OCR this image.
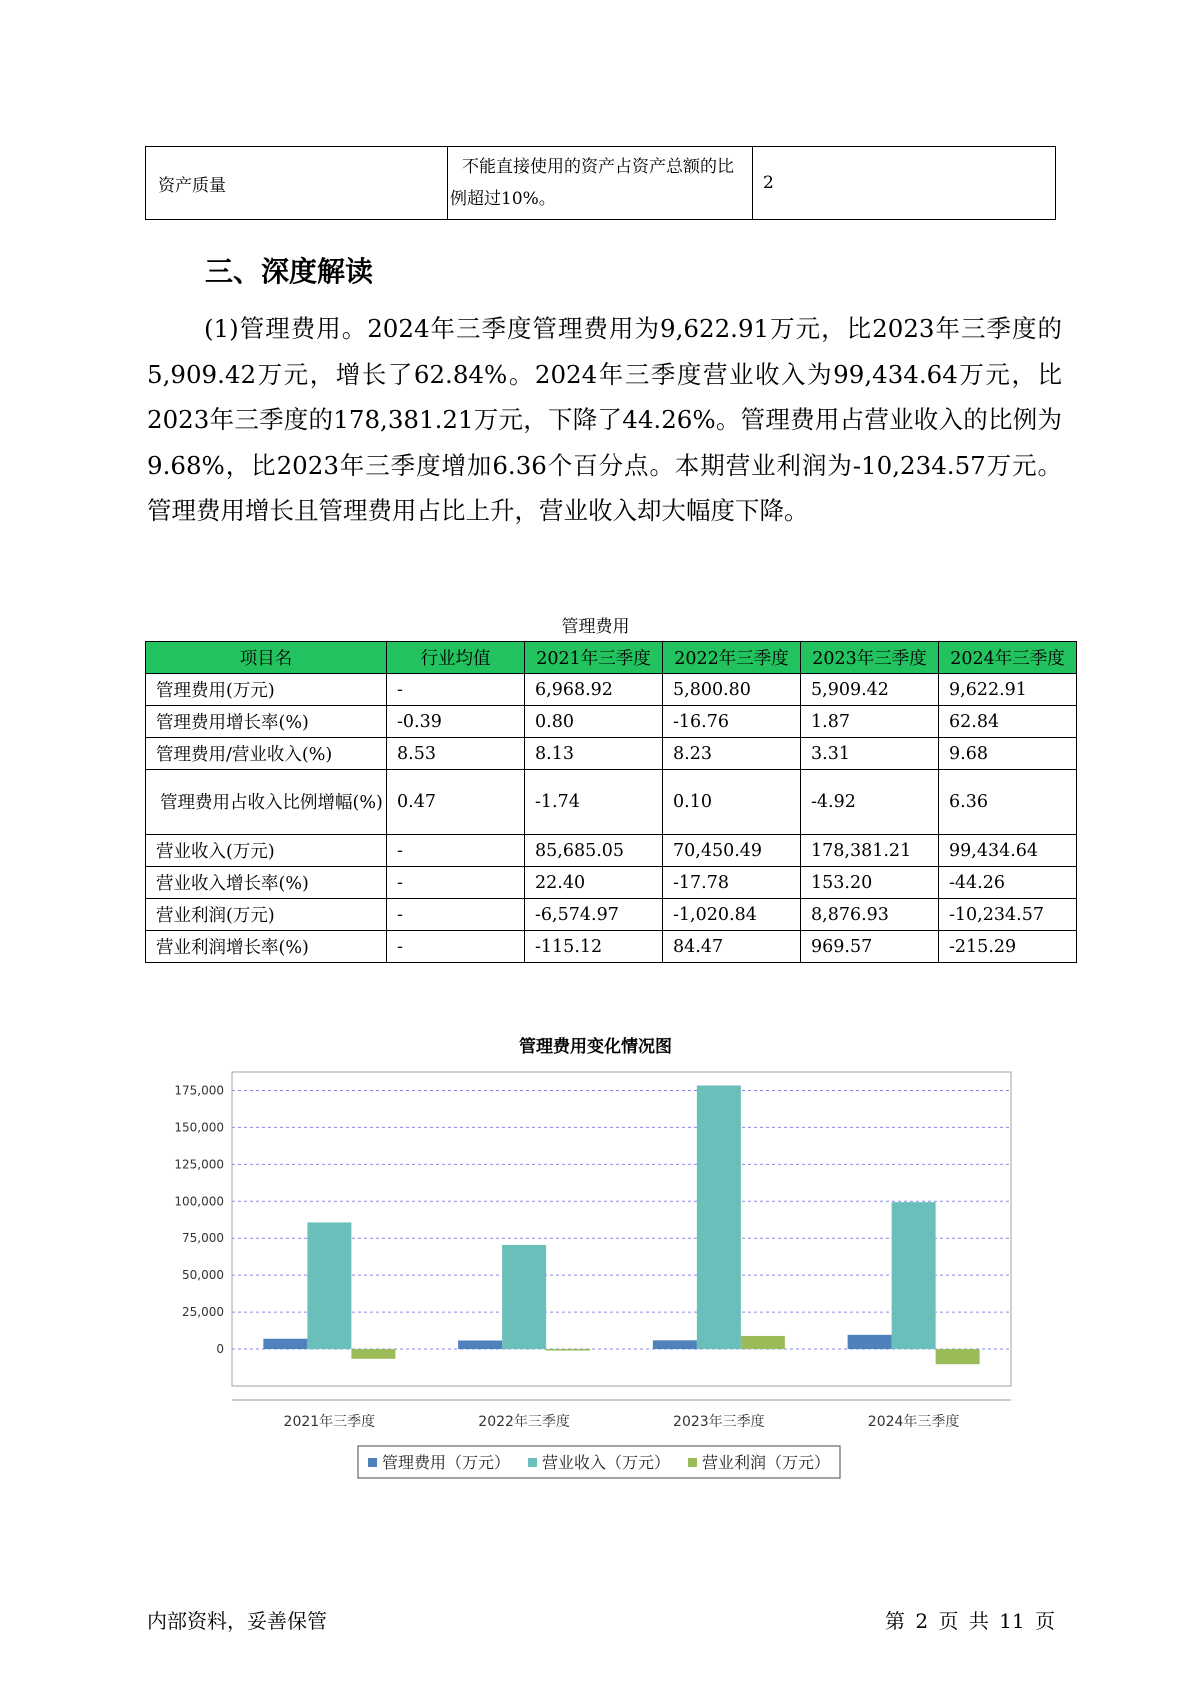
资产质量	不能直接使用的资产占资产总额的比例超过10%。	2
三、深度解读

(1)管理费用。2024年三季度管理费用为9,622.91万元，比2023年三季度的5,909.42万元，增长了62.84%。2024年三季度营业收入为99,434.64万元，比2023年三季度的178,381.21万元，下降了44.26%。管理费用占营业收入的比例为9.68%，比2023年三季度增加6.36个百分点。本期营业利润为-10,234.57万元。管理费用增长且管理费用占比上升，营业收入却大幅度下降。

管理费用
项目名	行业均值	2021年三季度	2022年三季度	2023年三季度	2024年三季度
管理费用(万元)	-	6,968.92	5,800.80	5,909.42	9,622.91
管理费用增长率(%)	-0.39	0.80	-16.76	1.87	62.84
管理费用/营业收入(%)	8.53	8.13	8.23	3.31	9.68
管理费用占收入比例增幅(%)	0.47	-1.74	0.10	-4.92	6.36
营业收入(万元)	-	85,685.05	70,450.49	178,381.21	99,434.64
营业收入增长率(%)	-	22.40	-17.78	153.20	-44.26
营业利润(万元)	-	-6,574.97	-1,020.84	8,876.93	-10,234.57
营业利润增长率(%)	-	-115.12	84.47	969.57	-215.29
管理费用变化情况图
0
25,000
50,000
75,000
100,000
125,000
150,000
175,000
2021年三季度	2022年三季度	2023年三季度	2024年三季度
管理费用（万元） 营业收入（万元） 营业利润（万元）
内部资料，妥善保管	第 2 页 共 11 页
